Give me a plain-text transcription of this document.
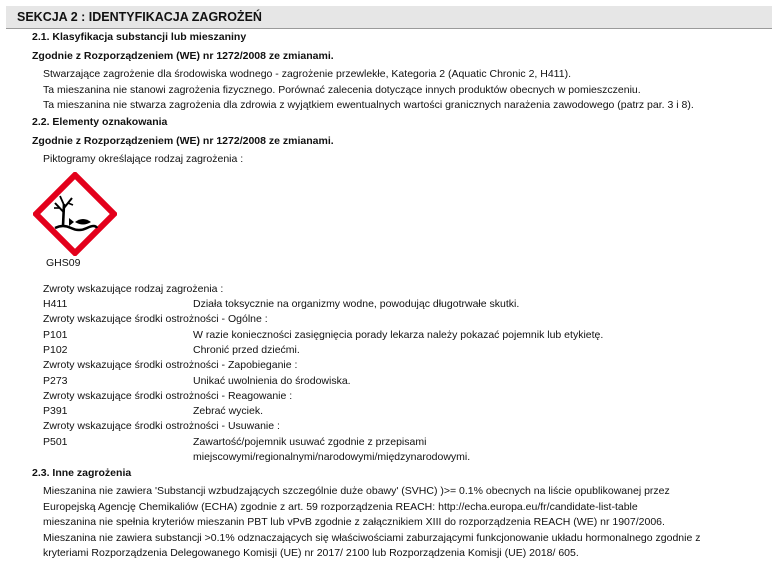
SEKCJA 2 : IDENTYFIKACJA ZAGROŻEŃ
2.1. Klasyfikacja substancji lub mieszaniny
Zgodnie z Rozporządzeniem (WE) nr 1272/2008 ze zmianami.
Stwarzające zagrożenie dla środowiska wodnego - zagrożenie przewlekłe, Kategoria 2 (Aquatic Chronic 2, H411).
Ta mieszanina nie stanowi zagrożenia fizycznego. Porównać zalecenia dotyczące innych produktów obecnych w pomieszczeniu.
Ta mieszanina nie stwarza zagrożenia dla zdrowia z wyjątkiem ewentualnych wartości granicznych narażenia zawodowego (patrz par. 3 i 8).
2.2. Elementy oznakowania
Zgodnie z Rozporządzeniem (WE) nr 1272/2008 ze zmianami.
Piktogramy określające rodzaj zagrożenia :
GHS09
Zwroty wskazujące rodzaj zagrożenia :
H411	Działa toksycznie na organizmy wodne, powodując długotrwałe skutki.
Zwroty wskazujące środki ostrożności - Ogólne :
P101	W razie konieczności zasięgnięcia porady lekarza należy pokazać pojemnik lub etykietę.
P102	Chronić przed dziećmi.
Zwroty wskazujące środki ostrożności - Zapobieganie :
P273	Unikać uwolnienia do środowiska.
Zwroty wskazujące środki ostrożności - Reagowanie :
P391	Zebrać wyciek.
Zwroty wskazujące środki ostrożności - Usuwanie :
P501	Zawartość/pojemnik usuwać zgodnie z przepisami
miejscowymi/regionalnymi/narodowymi/międzynarodowymi.
2.3. Inne zagrożenia
Mieszanina nie zawiera 'Substancji wzbudzających szczególnie duże obawy' (SVHC) )>= 0.1% obecnych na liście opublikowanej przez
Europejską Agencję Chemikaliów (ECHA) zgodnie z art. 59 rozporządzenia REACH: http://echa.europa.eu/fr/candidate-list-table
mieszanina nie spełnia kryteriów mieszanin PBT lub vPvB zgodnie z załącznikiem XIII do rozporządzenia REACH (WE) nr 1907/2006.
Mieszanina nie zawiera substancji >0.1% odznaczających się właściwościami zaburzającymi funkcjonowanie układu hormonalnego zgodnie z
kryteriami Rozporządzenia Delegowanego Komisji (UE) nr 2017/ 2100 lub Rozporządzenia Komisji (UE) 2018/ 605.
